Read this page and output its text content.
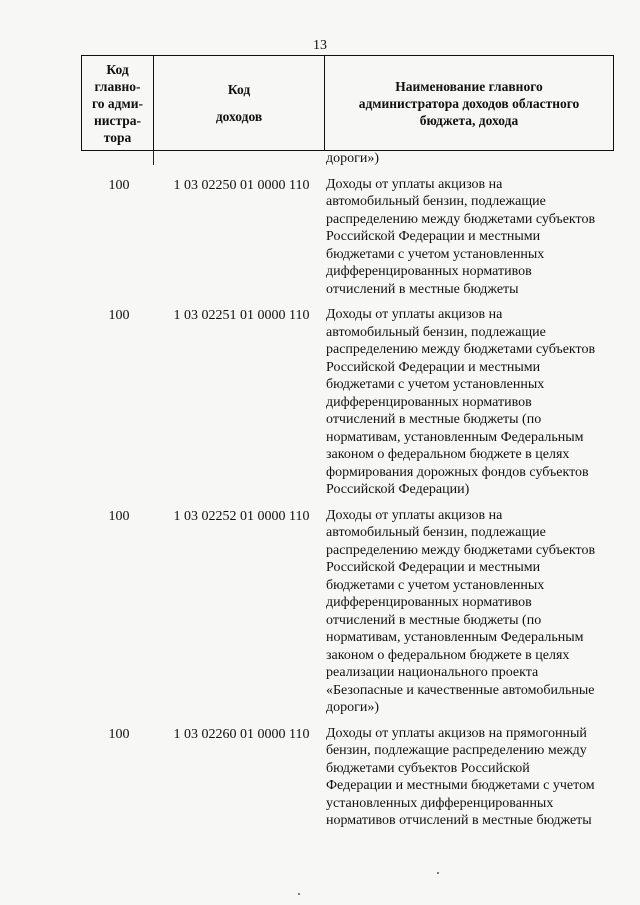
13
Код
главно-
го адми-
нистра-
тора

Код
доходов

Наименование главного
администратора доходов областного
бюджета, дохода
дороги»)
100	1 03 02250 01 0000 110	Доходы от уплаты акцизов на
автомобильный бензин, подлежащие
распределению между бюджетами субъектов
Российской Федерации и местными
бюджетами с учетом установленных
дифференцированных нормативов
отчислений в местные бюджеты
100	1 03 02251 01 0000 110	Доходы от уплаты акцизов на
автомобильный бензин, подлежащие
распределению между бюджетами субъектов
Российской Федерации и местными
бюджетами с учетом установленных
дифференцированных нормативов
отчислений в местные бюджеты (по
нормативам, установленным Федеральным
законом о федеральном бюджете в целях
формирования дорожных фондов субъектов
Российской Федерации)
100	1 03 02252 01 0000 110	Доходы от уплаты акцизов на
автомобильный бензин, подлежащие
распределению между бюджетами субъектов
Российской Федерации и местными
бюджетами с учетом установленных
дифференцированных нормативов
отчислений в местные бюджеты (по
нормативам, установленным Федеральным
законом о федеральном бюджете в целях
реализации национального проекта
«Безопасные и качественные автомобильные
дороги»)
100	1 03 02260 01 0000 110	Доходы от уплаты акцизов на прямогонный
бензин, подлежащие распределению между
бюджетами субъектов Российской
Федерации и местными бюджетами с учетом
установленных дифференцированных
нормативов отчислений в местные бюджеты
